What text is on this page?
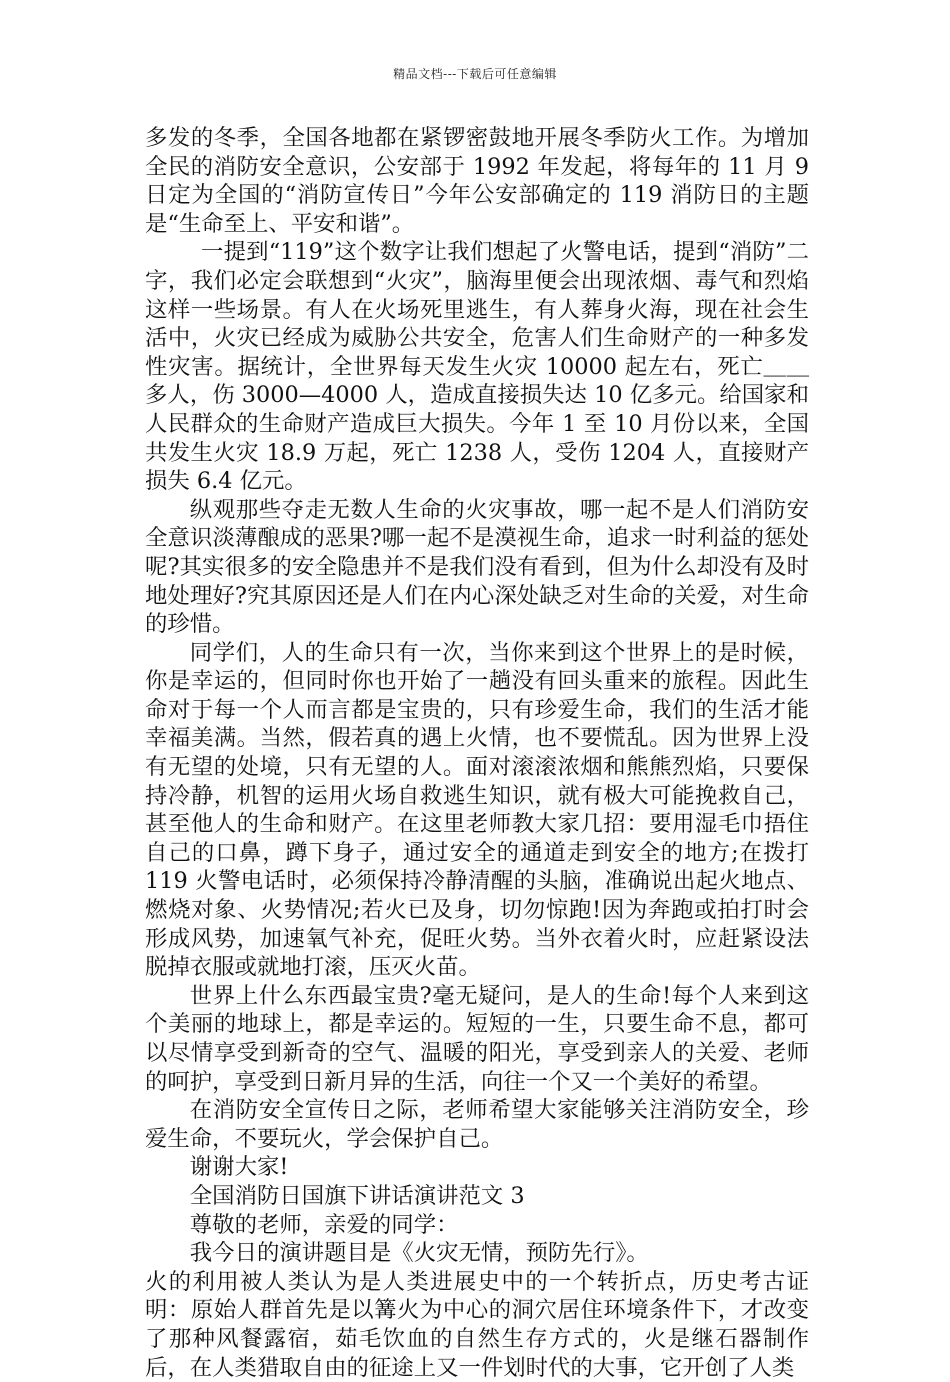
精品文档---下载后可任意编辑

多发的冬季，全国各地都在紧锣密鼓地开展冬季防火工作。为增加全民的消防安全意识，公安部于 1992 年发起，将每年的 11 月 9 日定为全国的“消防宣传日”今年公安部确定的 119 消防日的主题是“生命至上、平安和谐”。

一提到“119”这个数字让我们想起了火警电话，提到“消防”二字，我们必定会联想到“火灾”，脑海里便会出现浓烟、毒气和烈焰这样一些场景。有人在火场死里逃生，有人葬身火海，现在社会生活中，火灾已经成为威胁公共安全，危害人们生命财产的一种多发性灾害。据统计，全世界每天发生火灾 10000 起左右，死亡＿＿多人，伤 3000—4000 人，造成直接损失达 10 亿多元。给国家和人民群众的生命财产造成巨大损失。今年 1 至 10 月份以来，全国共发生火灾 18.9 万起，死亡 1238 人，受伤 1204 人，直接财产损失 6.4 亿元。

纵观那些夺走无数人生命的火灾事故，哪一起不是人们消防安全意识淡薄酿成的恶果?哪一起不是漠视生命，追求一时利益的惩处呢?其实很多的安全隐患并不是我们没有看到，但为什么却没有及时地处理好?究其原因还是人们在内心深处缺乏对生命的关爱，对生命的珍惜。

同学们，人的生命只有一次，当你来到这个世界上的是时候，你是幸运的，但同时你也开始了一趟没有回头重来的旅程。因此生命对于每一个人而言都是宝贵的，只有珍爱生命，我们的生活才能幸福美满。当然，假若真的遇上火情，也不要慌乱。因为世界上没有无望的处境，只有无望的人。面对滚滚浓烟和熊熊烈焰，只要保持冷静，机智的运用火场自救逃生知识，就有极大可能挽救自己，甚至他人的生命和财产。在这里老师教大家几招：要用湿毛巾捂住自己的口鼻，蹲下身子，通过安全的通道走到安全的地方;在拨打 119 火警电话时，必须保持冷静清醒的头脑，准确说出起火地点、燃烧对象、火势情况;若火已及身，切勿惊跑!因为奔跑或拍打时会形成风势，加速氧气补充，促旺火势。当外衣着火时，应赶紧设法脱掉衣服或就地打滚，压灭火苗。

世界上什么东西最宝贵?毫无疑问，是人的生命!每个人来到这个美丽的地球上，都是幸运的。短短的一生，只要生命不息，都可以尽情享受到新奇的空气、温暖的阳光，享受到亲人的关爱、老师的呵护，享受到日新月异的生活，向往一个又一个美好的希望。

在消防安全宣传日之际，老师希望大家能够关注消防安全，珍爱生命，不要玩火，学会保护自己。

谢谢大家!

全国消防日国旗下讲话演讲范文 3

尊敬的老师，亲爱的同学：

我今日的演讲题目是《火灾无情，预防先行》。

火的利用被人类认为是人类进展史中的一个转折点，历史考古证明：原始人群首先是以篝火为中心的洞穴居住环境条件下，才改变了那种风餐露宿，茹毛饮血的自然生存方式的，火是继石器制作后，在人类猎取自由的征途上又一件划时代的大事，它开创了人类
